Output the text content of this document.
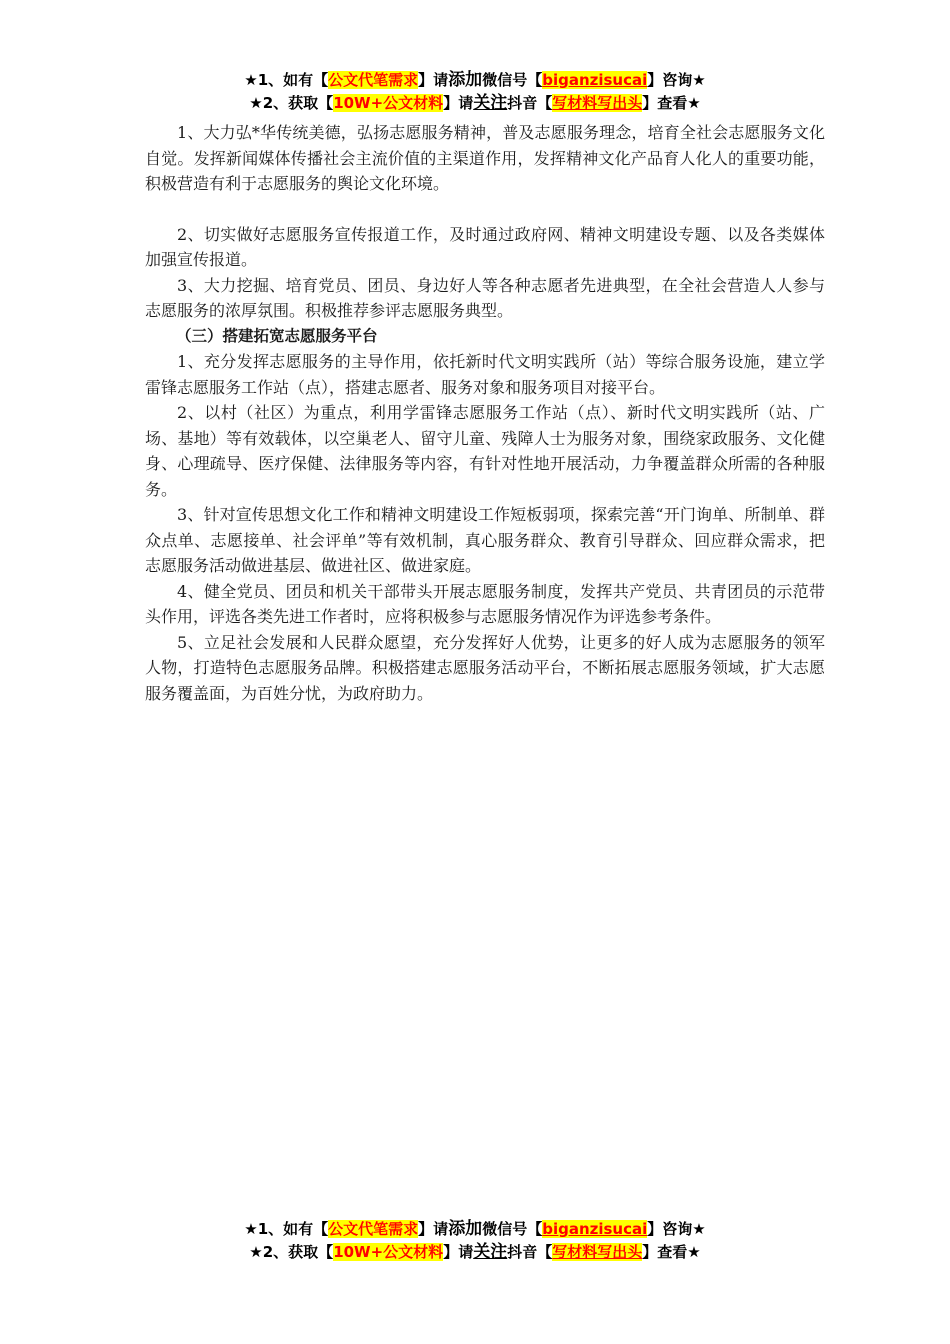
★1、如有【公文代笔需求】请添加微信号【biganzisucai】咨询★
★2、获取【10W+公文材料】请关注抖音【写材料写出头】查看★

1、大力弘*华传统美德，弘扬志愿服务精神，普及志愿服务理念，培育全社会志愿服务文化自觉。发挥新闻媒体传播社会主流价值的主渠道作用，发挥精神文化产品育人化人的重要功能，积极营造有利于志愿服务的舆论文化环境。

2、切实做好志愿服务宣传报道工作，及时通过政府网、精神文明建设专题、以及各类媒体加强宣传报道。

3、大力挖掘、培育党员、团员、身边好人等各种志愿者先进典型，在全社会营造人人参与志愿服务的浓厚氛围。积极推荐参评志愿服务典型。

（三）搭建拓宽志愿服务平台

1、充分发挥志愿服务的主导作用，依托新时代文明实践所（站）等综合服务设施，建立学雷锋志愿服务工作站（点），搭建志愿者、服务对象和服务项目对接平台。

2、以村（社区）为重点，利用学雷锋志愿服务工作站（点）、新时代文明实践所（站、广场、基地）等有效载体，以空巢老人、留守儿童、残障人士为服务对象，围绕家政服务、文化健身、心理疏导、医疗保健、法律服务等内容，有针对性地开展活动，力争覆盖群众所需的各种服务。

3、针对宣传思想文化工作和精神文明建设工作短板弱项，探索完善“开门询单、所制单、群众点单、志愿接单、社会评单”等有效机制，真心服务群众、教育引导群众、回应群众需求，把志愿服务活动做进基层、做进社区、做进家庭。

4、健全党员、团员和机关干部带头开展志愿服务制度，发挥共产党员、共青团员的示范带头作用，评选各类先进工作者时，应将积极参与志愿服务情况作为评选参考条件。

5、立足社会发展和人民群众愿望，充分发挥好人优势，让更多的好人成为志愿服务的领军人物，打造特色志愿服务品牌。积极搭建志愿服务活动平台，不断拓展志愿服务领域，扩大志愿服务覆盖面，为百姓分忧，为政府助力。

★1、如有【公文代笔需求】请添加微信号【biganzisucai】咨询★
★2、获取【10W+公文材料】请关注抖音【写材料写出头】查看★
